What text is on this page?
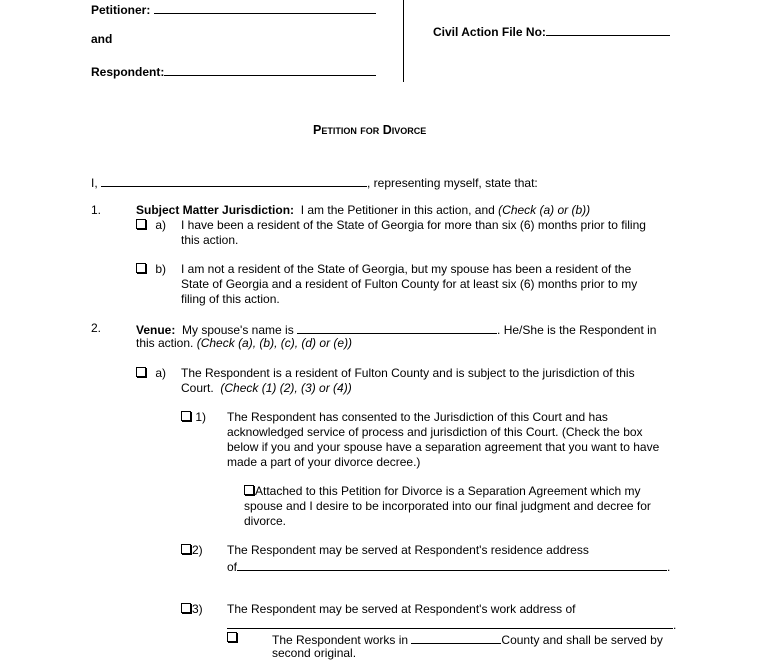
Petitioner:
and
Respondent:
Civil Action File No:
Petition for Divorce
I,	, representing myself, state that:
1.	Subject Matter Jurisdiction: I am the Petitioner in this action, and (Check (a) or (b))
a) I have been a resident of the State of Georgia for more than six (6) months prior to filing
this action.
b) I am not a resident of the State of Georgia, but my spouse has been a resident of the
State of Georgia and a resident of Fulton County for at least six (6) months prior to my
filing of this action.
2.	Venue: My spouse's name is	. He/She is the Respondent in
this action. (Check (a), (b), (c), (d) or (e))
a) The Respondent is a resident of Fulton County and is subject to the jurisdiction of this
Court. (Check (1) (2), (3) or (4))
1) The Respondent has consented to the Jurisdiction of this Court and has
acknowledged service of process and jurisdiction of this Court. (Check the box
below if you and your spouse have a separation agreement that you want to have
made a part of your divorce decree.)
Attached to this Petition for Divorce is a Separation Agreement which my
spouse and I desire to be incorporated into our final judgment and decree for
divorce.
2) The Respondent may be served at Respondent's residence address
of	.
3) The Respondent may be served at Respondent's work address of
.
The Respondent works in	County and shall be served by
second original.
